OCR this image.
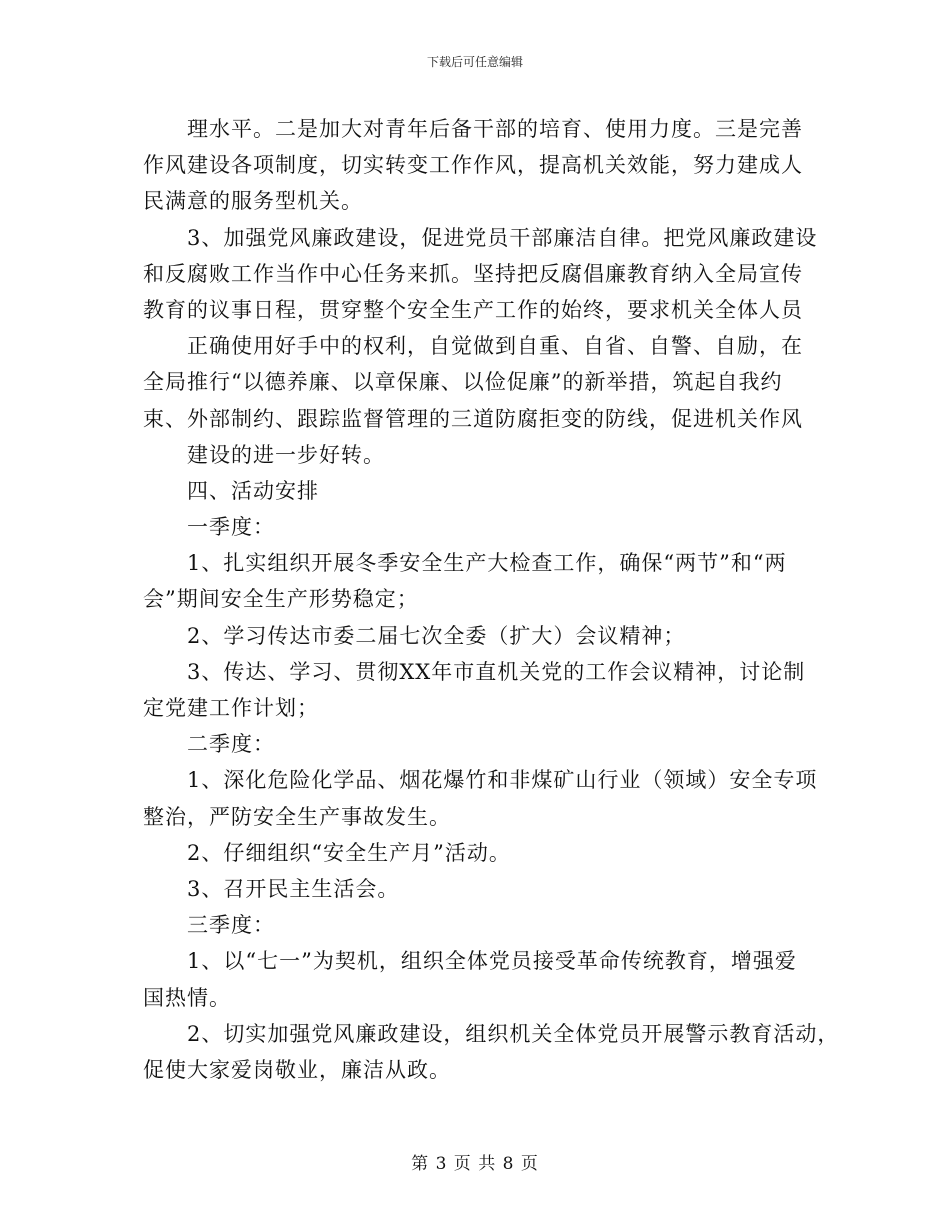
下载后可任意编辑
理水平。二是加大对青年后备干部的培育、使用力度。三是完善
作风建设各项制度，切实转变工作作风，提高机关效能，努力建成人
民满意的服务型机关。
3、加强党风廉政建设，促进党员干部廉洁自律。把党风廉政建设
和反腐败工作当作中心任务来抓。坚持把反腐倡廉教育纳入全局宣传
教育的议事日程，贯穿整个安全生产工作的始终，要求机关全体人员
正确使用好手中的权利，自觉做到自重、自省、自警、自励，在
全局推行“以德养廉、以章保廉、以俭促廉”的新举措，筑起自我约
束、外部制约、跟踪监督管理的三道防腐拒变的防线，促进机关作风
建设的进一步好转。
四、活动安排
一季度：
1、扎实组织开展冬季安全生产大检查工作，确保“两节”和“两
会”期间安全生产形势稳定；
2、学习传达市委二届七次全委（扩大）会议精神；
3、传达、学习、贯彻XX年市直机关党的工作会议精神，讨论制
定党建工作计划；
二季度：
1、深化危险化学品、烟花爆竹和非煤矿山行业（领域）安全专项
整治，严防安全生产事故发生。
2、仔细组织“安全生产月”活动。
3、召开民主生活会。
三季度：
1、以“七一”为契机，组织全体党员接受革命传统教育，增强爱
国热情。
2、切实加强党风廉政建设，组织机关全体党员开展警示教育活动，
促使大家爱岗敬业，廉洁从政。
第 3 页 共 8 页
